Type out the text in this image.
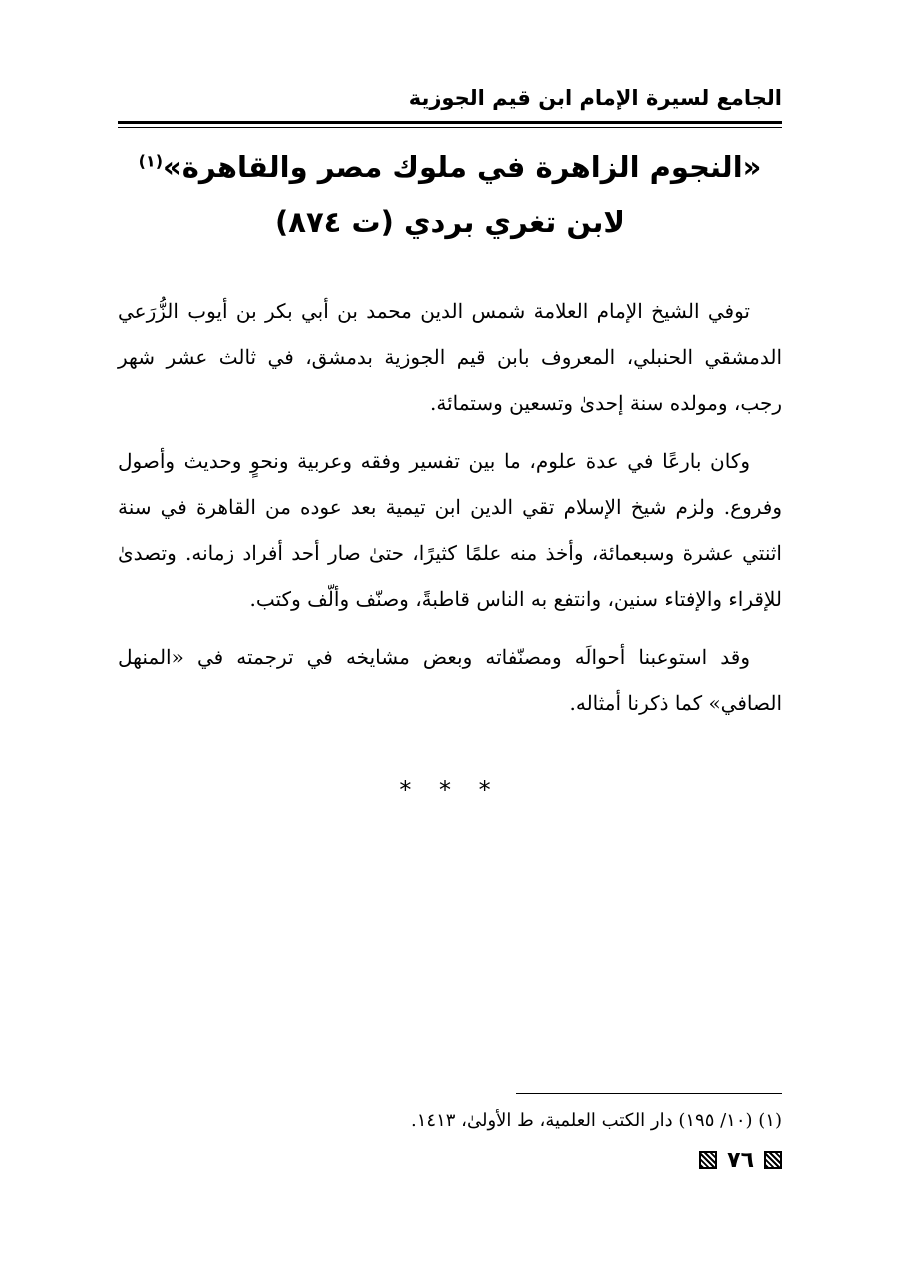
الجامع لسيرة الإمام ابن قيم الجوزية
«النجوم الزاهرة في ملوك مصر والقاهرة»$^{(١)}$
لابن تغري بردي (ت ٨٧٤)

توفي الشيخ الإمام العلامة شمس الدين محمد بن أبي بكر بن أيوب الزُّرَعي الدمشقي الحنبلي، المعروف بابن قيم الجوزية بدمشق، في ثالث عشر شهر رجب، ومولده سنة إحدىٰ وتسعين وستمائة.

وكان بارعًا في عدة علوم، ما بين تفسير وفقه وعربية ونحوٍ وحديث وأصول وفروع. ولزم شيخ الإسلام تقي الدين ابن تيمية بعد عوده من القاهرة في سنة اثنتي عشرة وسبعمائة، وأخذ منه علمًا كثيرًا، حتىٰ صار أحد أفراد زمانه. وتصدىٰ للإقراء والإفتاء سنين، وانتفع به الناس قاطبةً، وصنّف وألّف وكتب.

وقد استوعبنا أحوالَه ومصنّفاته وبعض مشايخه في ترجمته في «المنهل الصافي» كما ذكرنا أمثاله.

* * *
(١) (١٠/ ١٩٥) دار الكتب العلمية، ط الأولىٰ، ١٤١٣.
٧٦
